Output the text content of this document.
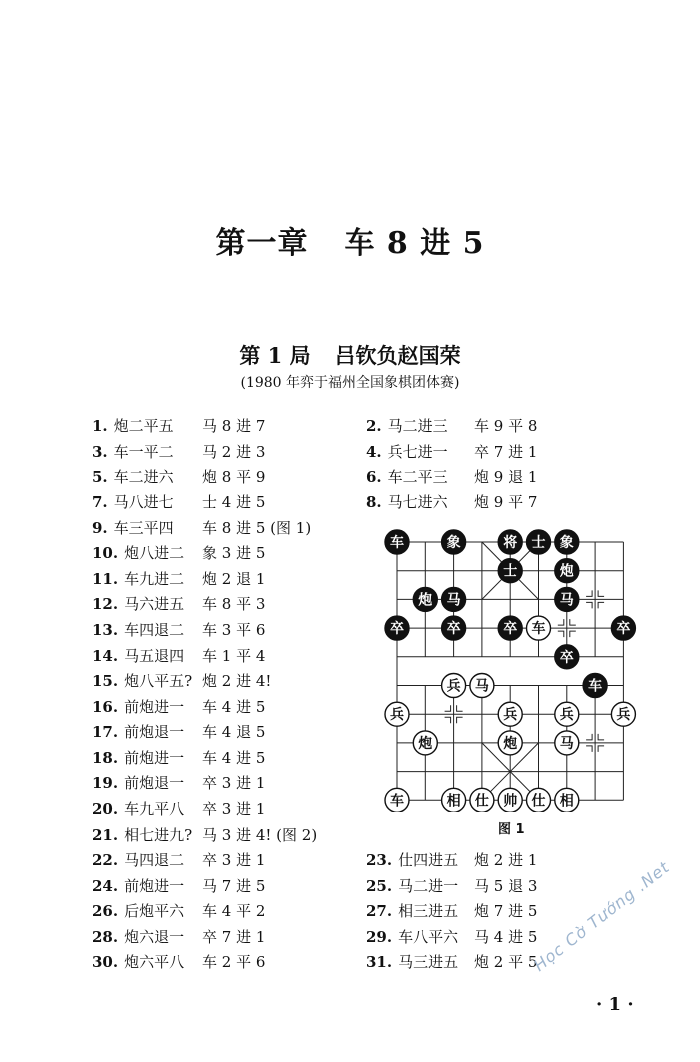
第一章 车 8 进 5
第 1 局 吕钦负赵国荣
(1980 年弈于福州全国象棋团体赛)
1. 炮二平五 马 8 进 7
3. 车一平二 马 2 进 3
5. 车二进六 炮 8 平 9
7. 马八进七 士 4 进 5
9. 车三平四 车 8 进 5 (图 1)
10. 炮八进二 象 3 进 5
11. 车九进二 炮 2 退 1
12. 马六进五 车 8 平 3
13. 车四退二 车 3 平 6
14. 马五退四 车 1 平 4
15. 炮八平五? 炮 2 进 4!
16. 前炮进一 车 4 进 5
17. 前炮退一 车 4 退 5
18. 前炮进一 车 4 进 5
19. 前炮退一 卒 3 进 1
20. 车九平八 卒 3 进 1
21. 相七进九? 马 3 进 4! (图 2)
22. 马四退二 卒 3 进 1
24. 前炮进一 马 7 进 5
26. 后炮平六 车 4 平 2
28. 炮六退一 卒 7 进 1
30. 炮六平八 车 2 平 6
2. 马二进三 车 9 平 8
4. 兵七进一 卒 7 进 1
6. 车二平三 炮 9 退 1
8. 马七进六 炮 9 平 7
23. 仕四进五 炮 2 进 1
25. 马二进一 马 5 退 3
27. 相三进五 炮 7 进 5
29. 车八平六 马 4 进 5
31. 马三进五 炮 2 平 5
车	象	将 士 象
士	炮
炮 马	马
卒	卒	卒 车	卒
卒
兵 马	车
兵	兵	兵	兵
炮	炮	马
车	相 仕 帅 仕 相
图 1
· 1 ·
Học Cờ Tướng .Net
